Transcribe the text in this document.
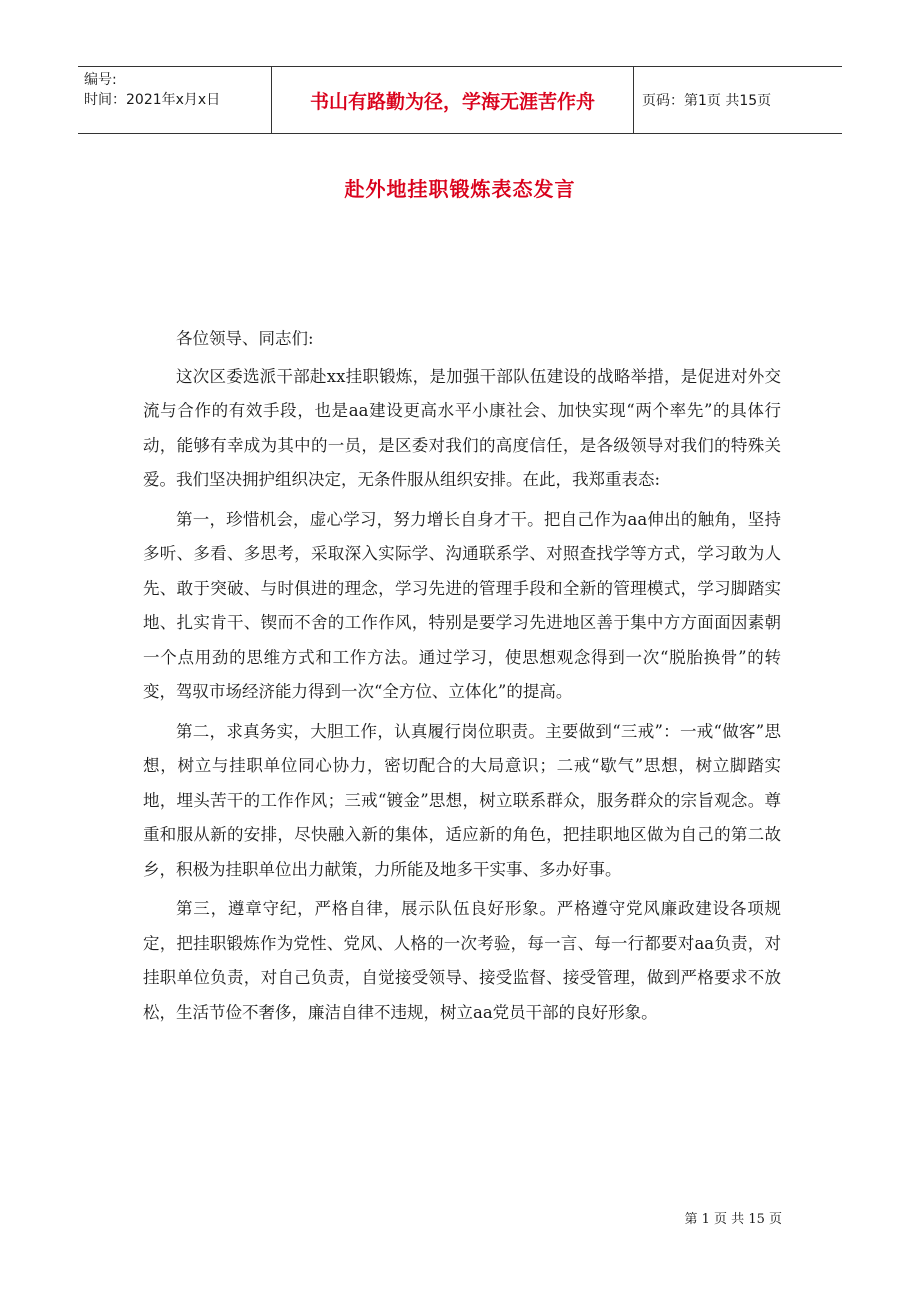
编号:
时间：2021年x月x日	书山有路勤为径，学海无涯苦作舟	页码：第1页 共15页
赴外地挂职锻炼表态发言

各位领导、同志们:

这次区委选派干部赴xx挂职锻炼，是加强干部队伍建设的战略举措，是促进对外交流与合作的有效手段，也是aa建设更高水平小康社会、加快实现“两个率先”的具体行动，能够有幸成为其中的一员，是区委对我们的高度信任，是各级领导对我们的特殊关爱。我们坚决拥护组织决定，无条件服从组织安排。在此，我郑重表态:

第一，珍惜机会，虚心学习，努力增长自身才干。把自己作为aa伸出的触角，坚持多听、多看、多思考，采取深入实际学、沟通联系学、对照查找学等方式，学习敢为人先、敢于突破、与时俱进的理念，学习先进的管理手段和全新的管理模式，学习脚踏实地、扎实肯干、锲而不舍的工作作风，特别是要学习先进地区善于集中方方面面因素朝一个点用劲的思维方式和工作方法。通过学习，使思想观念得到一次“脱胎换骨”的转变，驾驭市场经济能力得到一次“全方位、立体化”的提高。

第二，求真务实，大胆工作，认真履行岗位职责。主要做到“三戒”：一戒“做客”思想，树立与挂职单位同心协力，密切配合的大局意识；二戒“歇气”思想，树立脚踏实地，埋头苦干的工作作风；三戒“镀金”思想，树立联系群众，服务群众的宗旨观念。尊重和服从新的安排，尽快融入新的集体，适应新的角色，把挂职地区做为自己的第二故乡，积极为挂职单位出力献策，力所能及地多干实事、多办好事。

第三，遵章守纪，严格自律，展示队伍良好形象。严格遵守党风廉政建设各项规定，把挂职锻炼作为党性、党风、人格的一次考验，每一言、每一行都要对aa负责，对挂职单位负责，对自己负责，自觉接受领导、接受监督、接受管理，做到严格要求不放松，生活节俭不奢侈，廉洁自律不违规，树立aa党员干部的良好形象。

第 1 页 共 15 页
